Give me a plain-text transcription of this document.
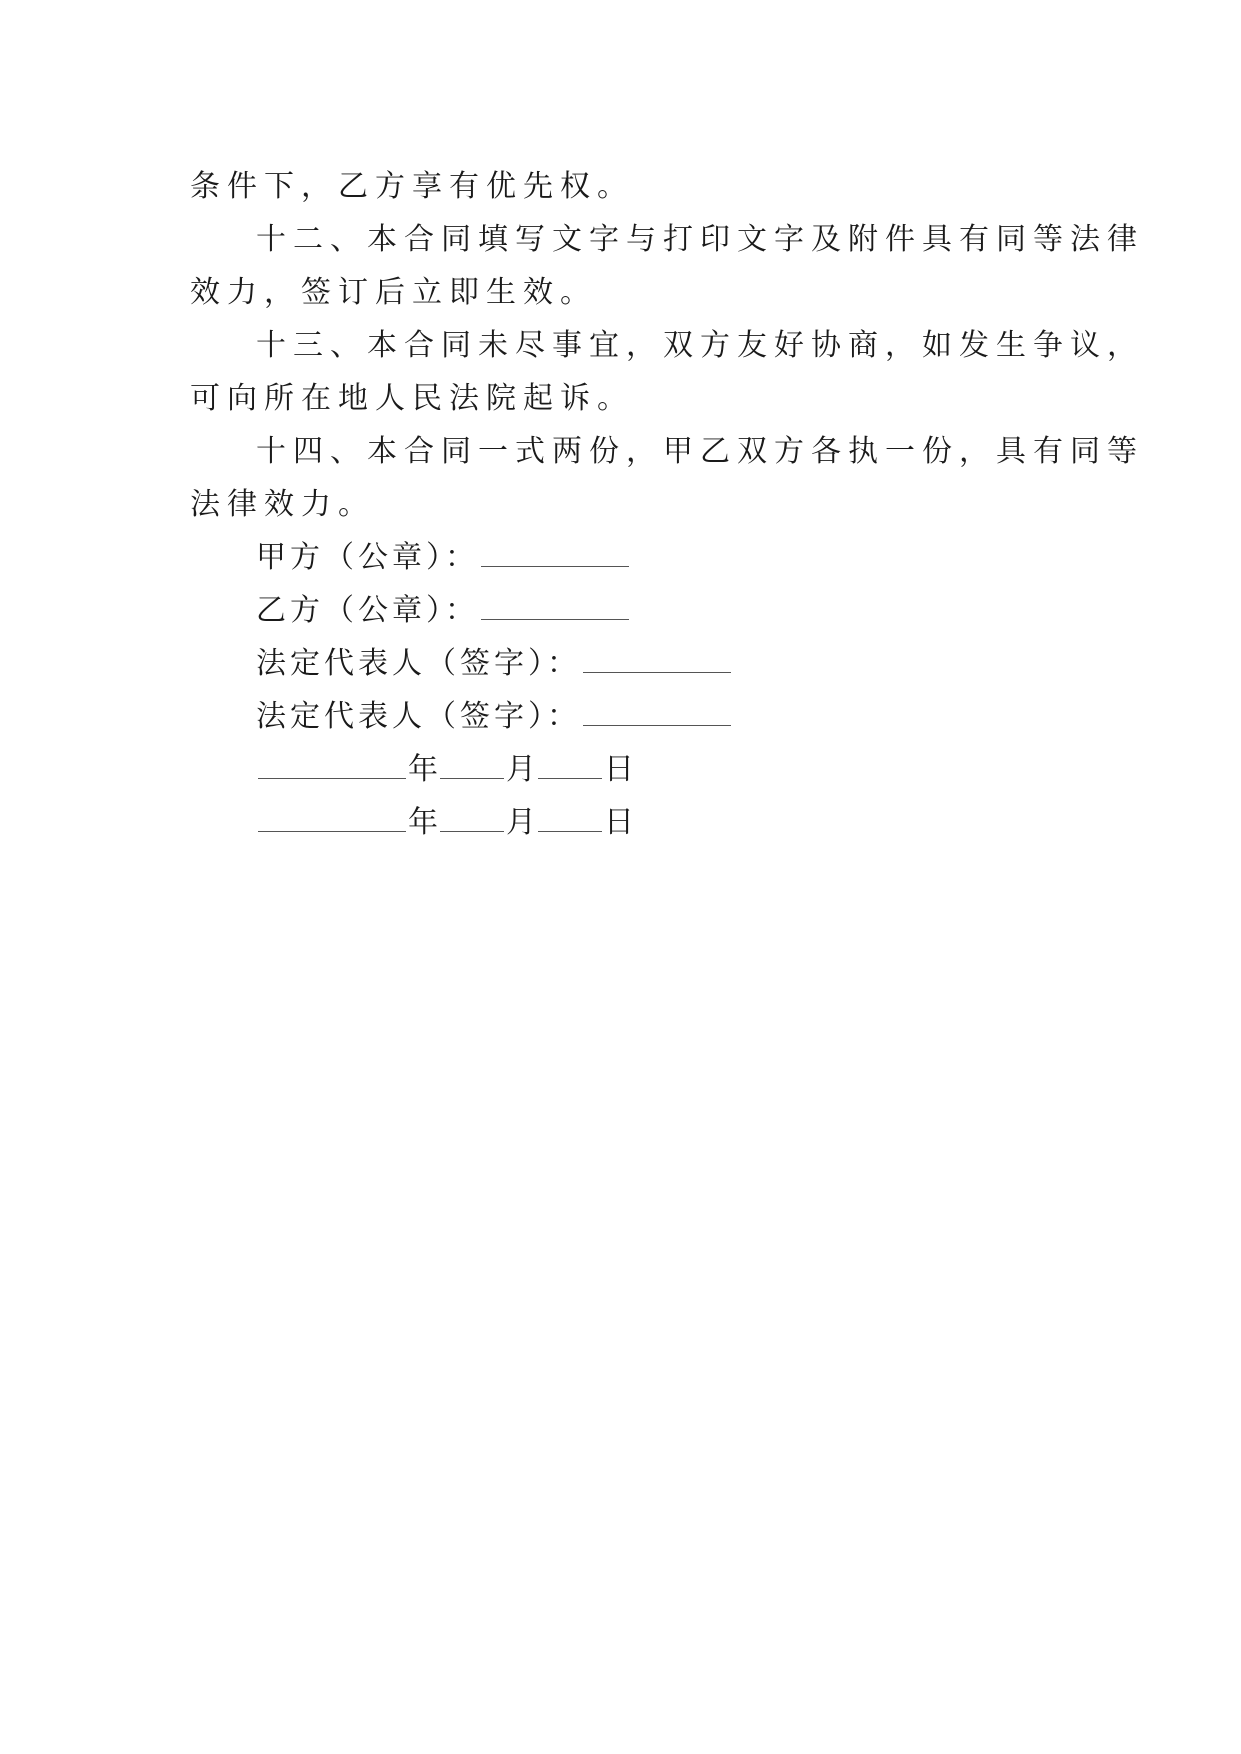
条件下，乙方享有优先权。
十二、本合同填写文字与打印文字及附件具有同等法律
效力，签订后立即生效。
十三、本合同未尽事宜，双方友好协商，如发生争议，
可向所在地人民法院起诉。
十四、本合同一式两份，甲乙双方各执一份，具有同等
法律效力。
甲方（公章）：
乙方（公章）：
法定代表人（签字）：
法定代表人（签字）：
年 月 日
年 月 日
